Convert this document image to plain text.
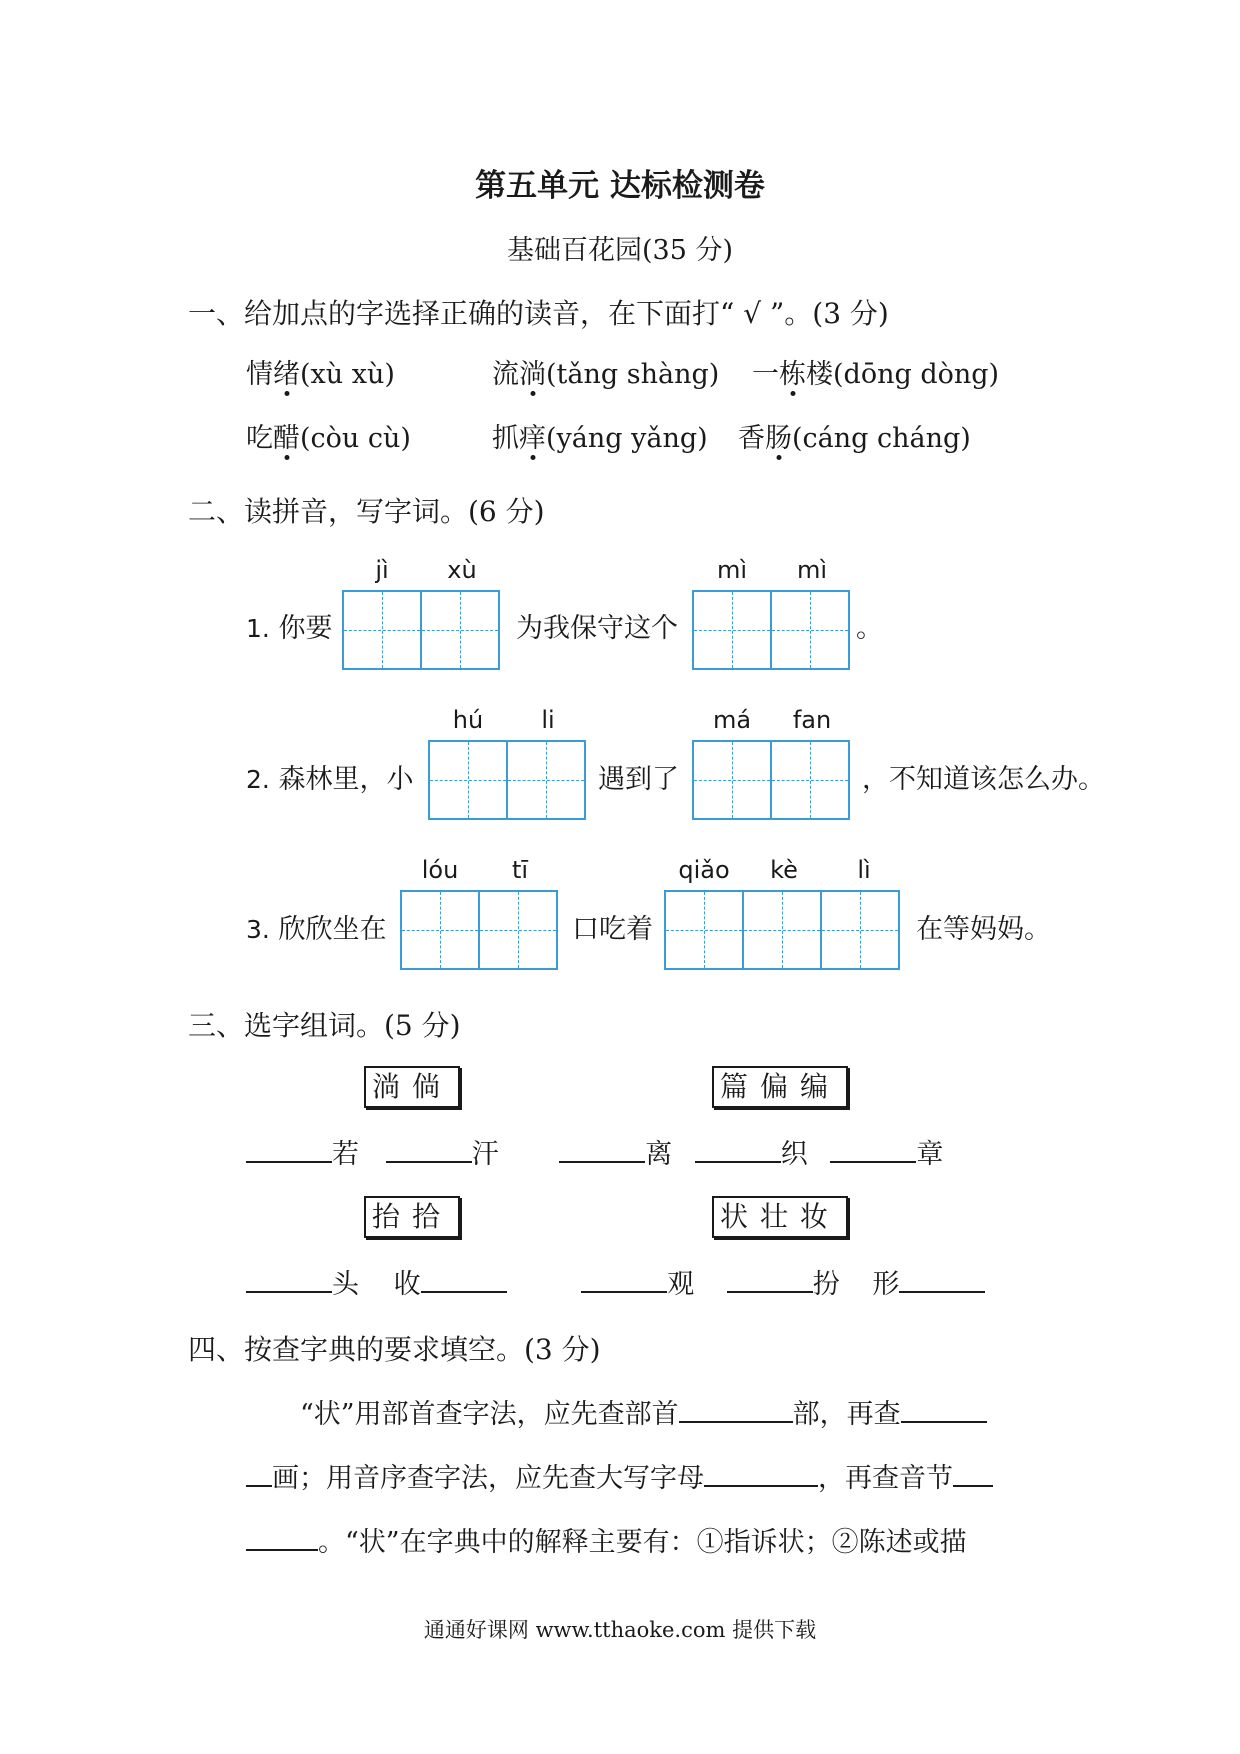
第五单元 达标检测卷
基础百花园(35 分)
一、给加点的字选择正确的读音，在下面打“ √ ”。(3 分)
情绪(xù xù)	流淌(tǎng shàng) 一栋楼(dōng dòng)
吃醋(còu cù)	抓痒(yáng yǎng) 香肠(cáng cháng)
二、读拼音，写字词。(6 分)
jì	xù	mì	mì
1. 你要	为我保守这个	。
hú	li	má	fan
2. 森林里，小	遇到了	，不知道该怎么办。
lóu	tī	qiǎo	kè	lì
3. 欣欣坐在	口吃着	在等妈妈。
三、选字组词。(5 分)
淌倘	篇偏编
若	汗	离	织	章
抬拾	状壮妆
头 收	观	扮 形
四、按查字典的要求填空。(3 分)
“状”用部首查字法，应先查部首	部，再查
画；用音序查字法，应先查大写字母	，再查音节
。“状”在字典中的解释主要有：①指诉状；②陈述或描
通通好课网 www.tthaoke.com 提供下载
